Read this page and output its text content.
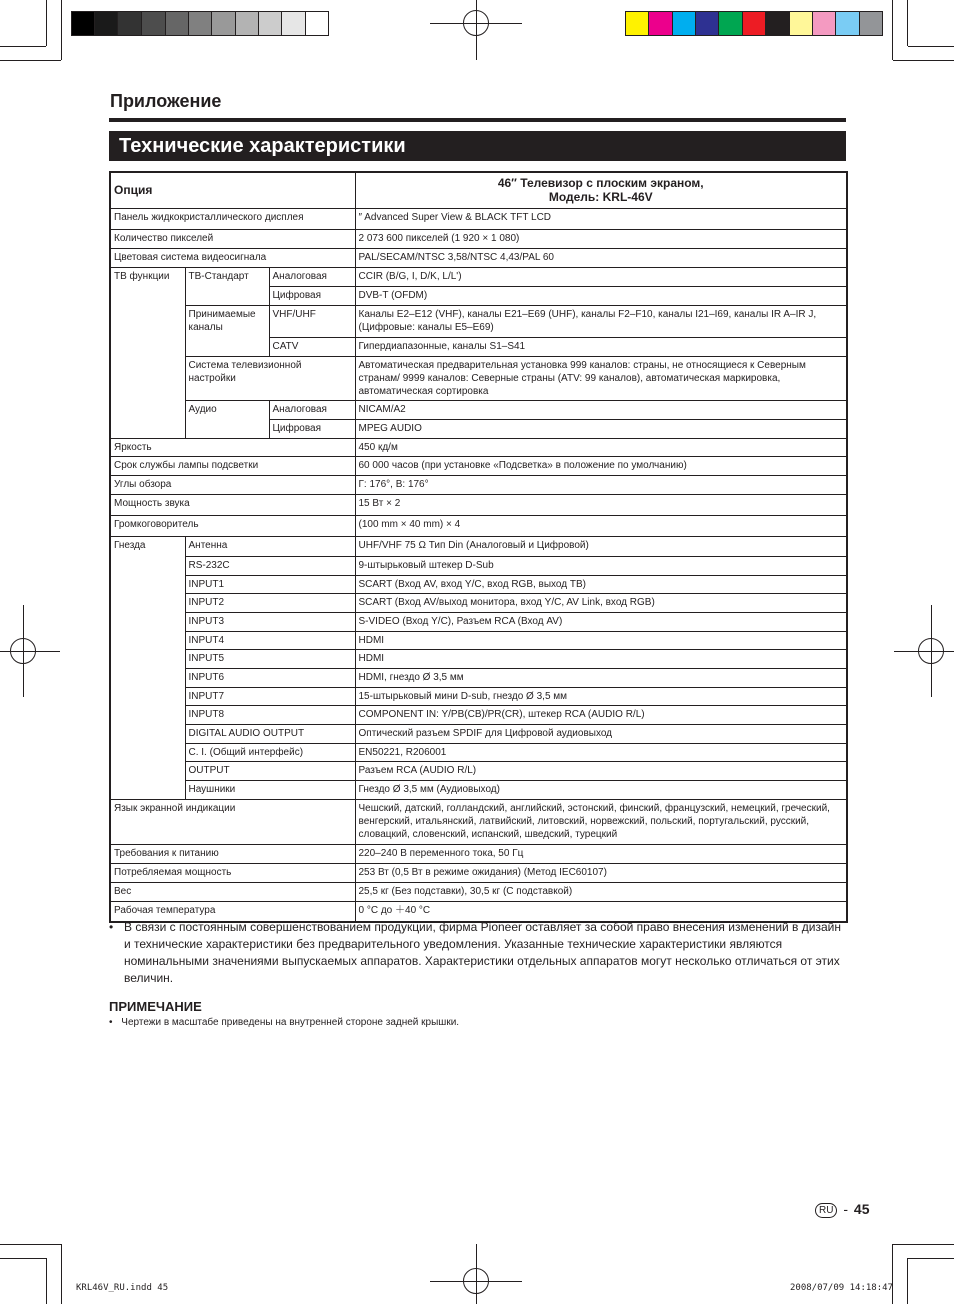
Приложение
Технические характеристики
Опция			46″ Телевизор с плоским экраном,
Модель: KRL-46V
Панель жидкокристаллического дисплея			″ Advanced Super View & BLACK TFT LCD
Количество пикселей			2 073 600 пикселей (1 920 × 1 080)
Цветовая система видеосигнала			PAL/SECAM/NTSC 3,58/NTSC 4,43/PAL 60
ТВ функции	ТВ-Стандарт	Аналоговая	CCIR (B/G, I, D/K, L/L')
		Цифровая	DVB-T (OFDM)
	Принимаемые каналы	VHF/UHF	Каналы E2–E12 (VHF), каналы E21–E69 (UHF), каналы F2–F10, каналы I21–I69, каналы IR A–IR J, (Цифровые: каналы E5–E69)
		CATV	Гипердиапазонные, каналы S1–S41
	Система телевизионной настройки		Автоматическая предварительная установка 999 каналов: страны, не относящиеся к Северным странам/ 9999 каналов: Северные страны (ATV: 99 каналов), автоматическая маркировка, автоматическая сортировка
	Аудио	Аналоговая	NICAM/A2
		Цифровая	MPEG AUDIO

Яркость			450 кд/м
Срок службы лампы подсветки			60 000 часов (при установке «Подсветка» в положение по умолчанию)
Углы обзора			Г: 176°, В: 176°
Мощность звука			15 Вт × 2
Громкоговоритель			(100 mm × 40 mm) × 4
Гнезда	Антенна		UHF/VHF 75 Ω Тип Din (Аналоговый и Цифровой)
	RS-232C		9-штырьковый штекер D-Sub
	INPUT1		SCART (Вход AV, вход Y/C, вход RGB, выход ТВ)
	INPUT2		SCART (Вход AV/выход монитора, вход Y/C, AV Link, вход RGB)
	INPUT3		S-VIDEO (Вход Y/C), Разъем RCA (Вход AV)
	INPUT4		HDMI
	INPUT5		HDMI
	INPUT6		HDMI, гнездо Ø 3,5 мм
	INPUT7		15-штырьковый мини D-sub, гнездо Ø 3,5 мм
	INPUT8		COMPONENT IN: Y/PB(CB)/PR(CR), штекер RCA (AUDIO R/L)
	DIGITAL AUDIO OUTPUT		Оптический разъем SPDIF для Цифровой аудиовыход
	C. I. (Общий интерфейс)		EN50221, R206001
	OUTPUT		Разъем RCA (AUDIO R/L)
	Наушники		Гнездо Ø 3,5 мм (Аудиовыход)
Язык экранной индикации			Чешский, датский, голландский, английский, эстонский, финский, французский, немецкий, греческий, венгерский, итальянский, латвийский, литовский, норвежский, польский, португальский, русский, словацкий, словенский, испанский, шведский, турецкий
Требования к питанию			220–240 В переменного тока, 50 Гц
Потребляемая мощность			253 Вт (0,5 Вт в режиме ожидания) (Метод IEC60107)
Вес			25,5 кг (Без подставки), 30,5 кг (С подставкой)
Рабочая температура			0 °C до ＋40 °C
• В связи с постоянным совершенствованием продукции, фирма Pioneer оставляет за собой право внесения изменений в дизайн и технические характеристики без предварительного уведомления. Указанные технические характеристики являются номинальными значениями выпускаемых аппаратов. Характеристики отдельных аппаратов могут несколько отличаться от этих величин.
ПРИМЕЧАНИЕ
• Чертежи в масштабе приведены на внутренней стороне задней крышки.
RU - 45
KRL46V_RU.indd 45	2008/07/09 14:18:47
